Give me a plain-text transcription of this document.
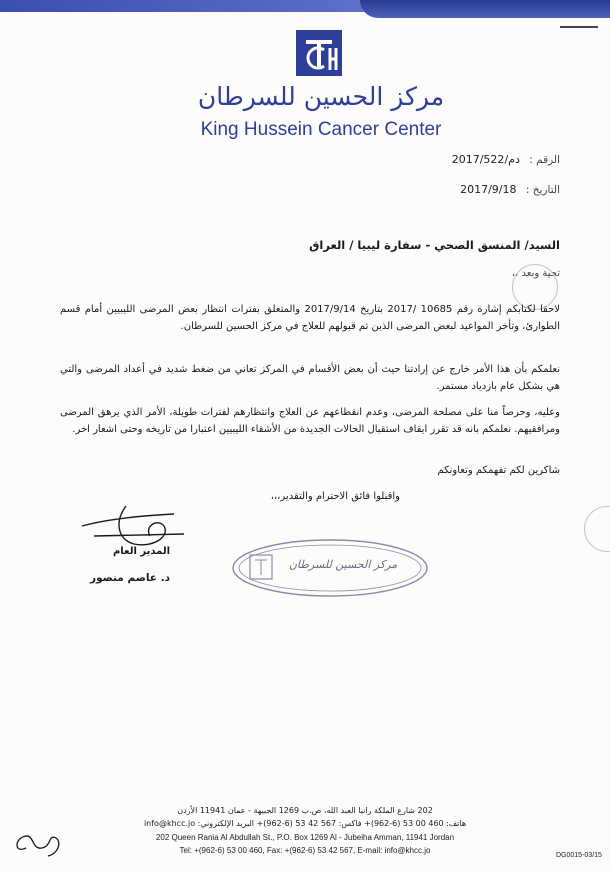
مركز الحسين للسرطان
King Hussein Cancer Center
الرقم : دم/2017/522
التاريخ : 2017/9/18
السيد/ المنسق الصحي - سفارة ليبيا / العراق
تحية وبعد ،،
لاحقا لكتابكم إشارة رقم 10685 /2017 بتاريخ 2017/9/14 والمتعلق بفترات انتظار بعض المرضى الليبيين أمام قسم الطوارئ، وتأخر المواعيد لبعض المرضى الذين تم قبولهم للعلاج في مركز الحسين للسرطان.
نعلمكم بأن هذا الأمر خارج عن إرادتنا حيث أن بعض الأقسام في المركز تعاني من ضغط شديد في أعداد المرضى والتي هي بشكل عام بازدياد مستمر.
وعليه، وحرصاً منا على مصلحة المرضى، وعدم انقطاعهم عن العلاج وانتظارهم لفترات طويلة، الأمر الذي يرهق المرضى ومرافقيهم. نعلمكم بانه قد تقرر ايقاف استقبال الحالات الجديدة من الأشقاء الليبيين اعتبارا من تاريخه وحتى اشعار اخر.
شاكرين لكم تفهمكم وتعاونكم
واقبلوا فائق الاحترام والتقدير،،،
المدير العام
د. عاصم منصور
مركز الحسين للسرطان
202 شارع الملكة رانيا العبد الله، ص.ب 1269 الجبيهة - عمان 11941 الأردن
هاتف: 460 00 53 (6-962)+ فاكس: 567 42 53 (6-962)+ البريد الإلكتروني: info@khcc.jo
202 Queen Rania Al Abdullah St., P.O. Box 1269 Al - Jubeiha Amman, 11941 Jordan
Tel: +(962-6) 53 00 460, Fax: +(962-6) 53 42 567, E-mail: info@khcc.jo
DG0015-03/15
